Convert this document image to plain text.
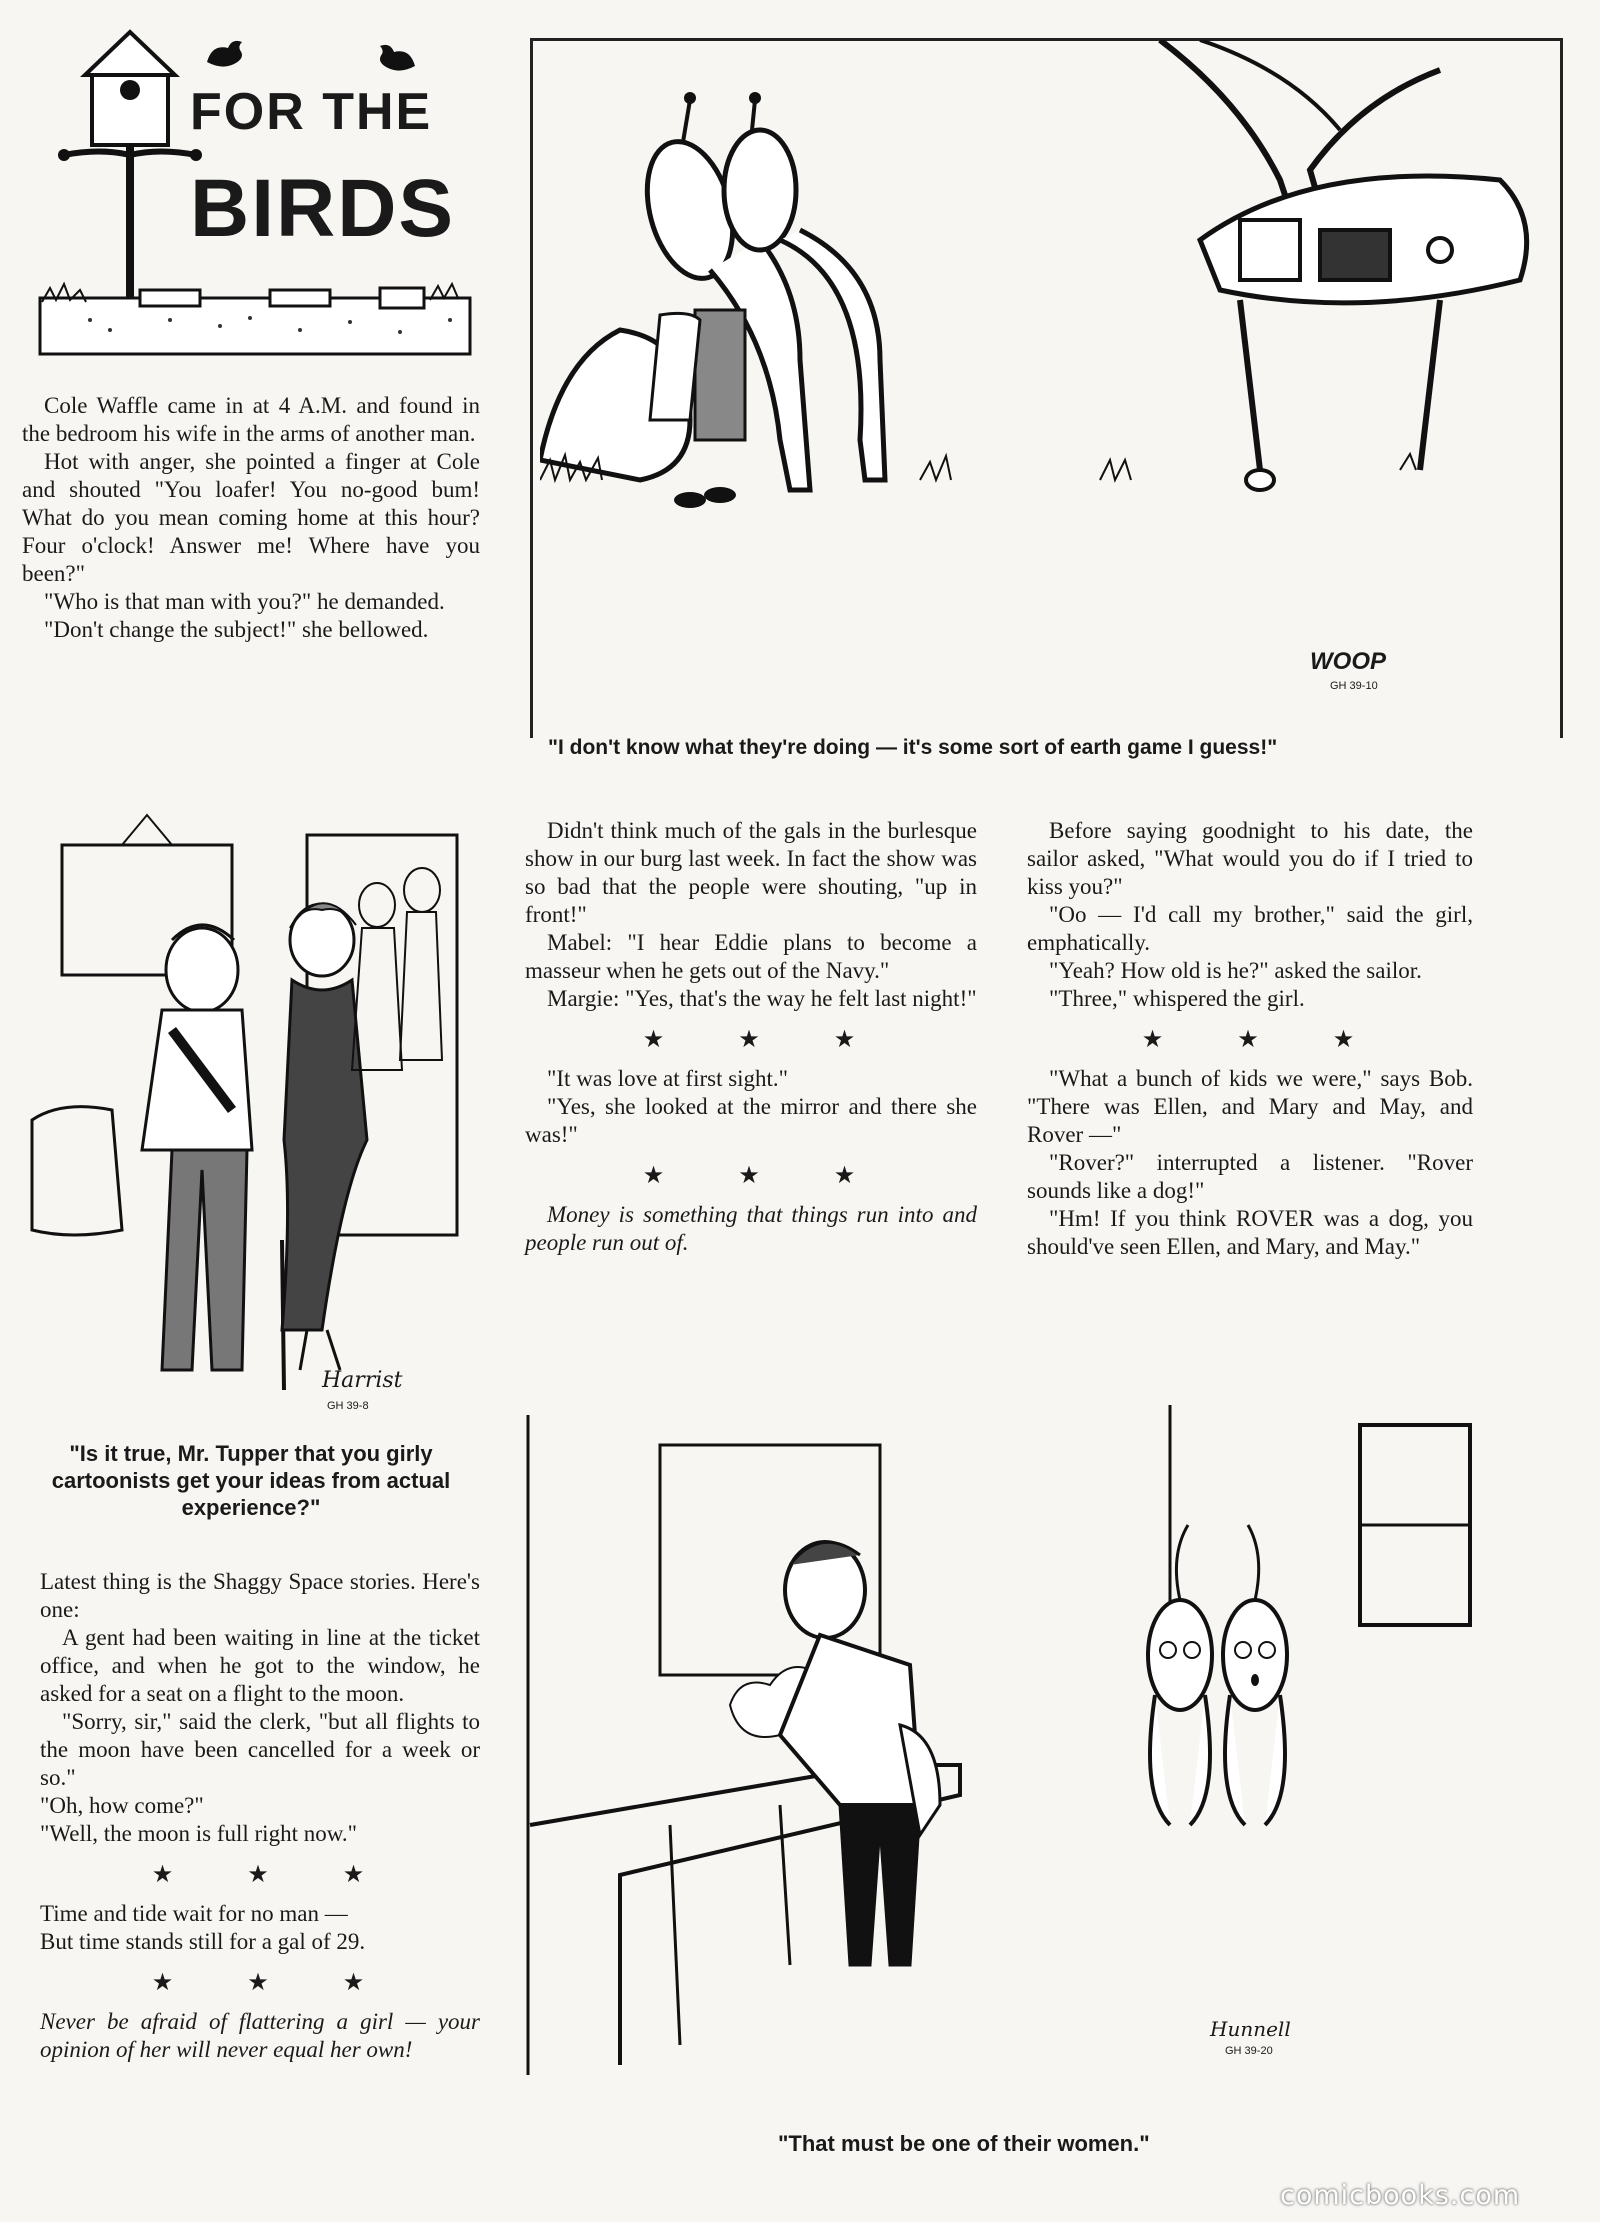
FOR THE
BIRDS

Cole Waffle came in at 4 A.M. and found in the bedroom his wife in the arms of another man.

Hot with anger, she pointed a finger at Cole and shouted "You loafer! You no-good bum! What do you mean coming home at this hour? Four o'clock! Answer me! Where have you been?"

"Who is that man with you?" he demanded.

"Don't change the subject!" she bellowed.

Harrist
GH 39-8
"Is it true, Mr. Tupper that you girly cartoonists get your ideas from actual experience?"

Latest thing is the Shaggy Space stories. Here's one:

A gent had been waiting in line at the ticket office, and when he got to the window, he asked for a seat on a flight to the moon.

"Sorry, sir," said the clerk, "but all flights to the moon have been cancelled for a week or so."

"Oh, how come?"

"Well, the moon is full right now."

★ ★ ★

Time and tide wait for no man —

But time stands still for a gal of 29.

★ ★ ★

Never be afraid of flattering a girl — your opinion of her will never equal her own!

WOOP
GH 39-10
"I don't know what they're doing — it's some sort of earth game I guess!"

Didn't think much of the gals in the burlesque show in our burg last week. In fact the show was so bad that the people were shouting, "up in front!"

Mabel: "I hear Eddie plans to become a masseur when he gets out of the Navy."

Margie: "Yes, that's the way he felt last night!"

★ ★ ★

"It was love at first sight."

"Yes, she looked at the mirror and there she was!"

★ ★ ★

Money is something that things run into and people run out of.

Before saying goodnight to his date, the sailor asked, "What would you do if I tried to kiss you?"

"Oo — I'd call my brother," said the girl, emphatically.

"Yeah? How old is he?" asked the sailor.

"Three," whispered the girl.

★ ★ ★

"What a bunch of kids we were," says Bob. "There was Ellen, and Mary and May, and Rover —"

"Rover?" interrupted a listener. "Rover sounds like a dog!"

"Hm! If you think ROVER was a dog, you should've seen Ellen, and Mary, and May."

Hunnell
GH 39-20
"That must be one of their women."
comicbooks.com
